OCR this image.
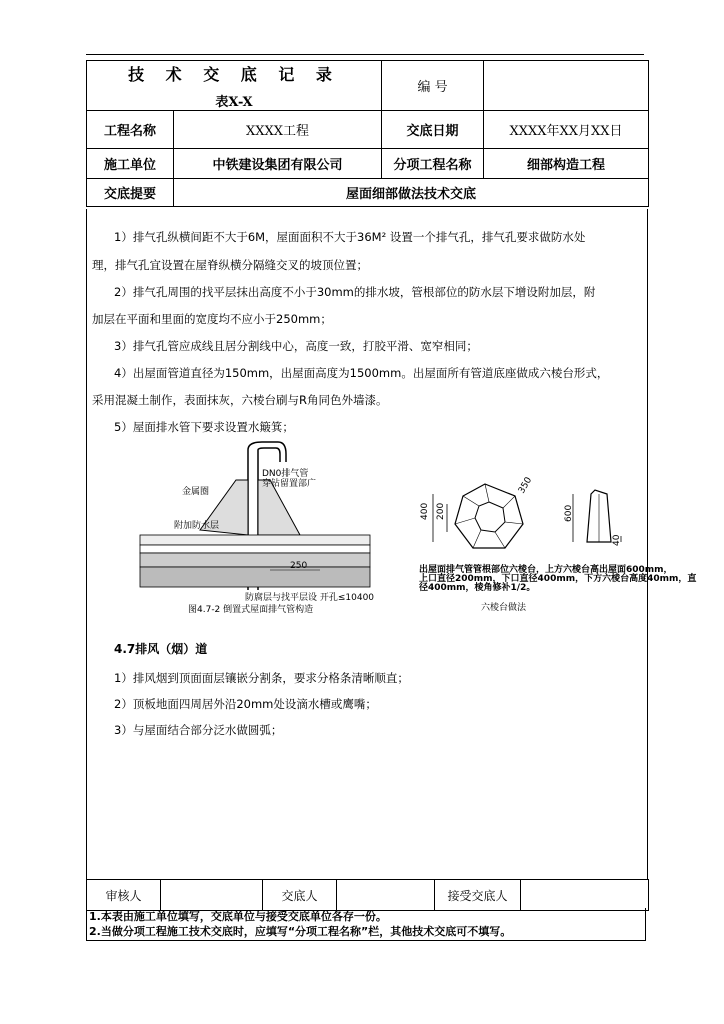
技 术 交 底 记 录
表X-X		编 号	
工程名称	XXXX工程	交底日期	XXXX年XX月XX日
施工单位	中铁建设集团有限公司	分项工程名称	细部构造工程
交底提要	屋面细部做法技术交底		
1）排气孔纵横间距不大于6M，屋面面积不大于36M² 设置一个排气孔，排气孔要求做防水处
理，排气孔宜设置在屋脊纵横分隔缝交叉的坡顶位置；
2）排气孔周围的找平层抹出高度不小于30mm的排水坡，管根部位的防水层下增设附加层，附
加层在平面和里面的宽度均不应小于250mm；
3）排气孔管应成线且居分割线中心，高度一致，打胶平滑、宽窄相同；
4）出屋面管道直径为150mm，出屋面高度为1500mm。出屋面所有管道底座做成六棱台形式，
采用混凝土制作，表面抹灰，六棱台刷与R角同色外墙漆。
5）屋面排水管下要求设置水簸箕；
DN0排气管
穿钻留置部广
金属圈
附加防水层
250
防腐层与找平层设 开孔≤10400
图4.7-2 倒置式屋面排气管构造
400 200
350
600
40
出屋面排气管管根部位六棱台，上方六棱台高出屋面600mm，
上口直径200mm，下口直径400mm，下方六棱台高度40mm，直
径400mm，棱角修补1/2。
六棱台做法
4.7排风（烟）道
1）排风烟到顶面面层镶嵌分割条，要求分格条清晰顺直；
2）顶板地面四周居外沿20mm处设滴水槽或鹰嘴；
3）与屋面结合部分泛水做圆弧；
审核人		交底人		接受交底人	
1.本表由施工单位填写，交底单位与接受交底单位各存一份。
2.当做分项工程施工技术交底时，应填写“分项工程名称”栏，其他技术交底可不填写。
